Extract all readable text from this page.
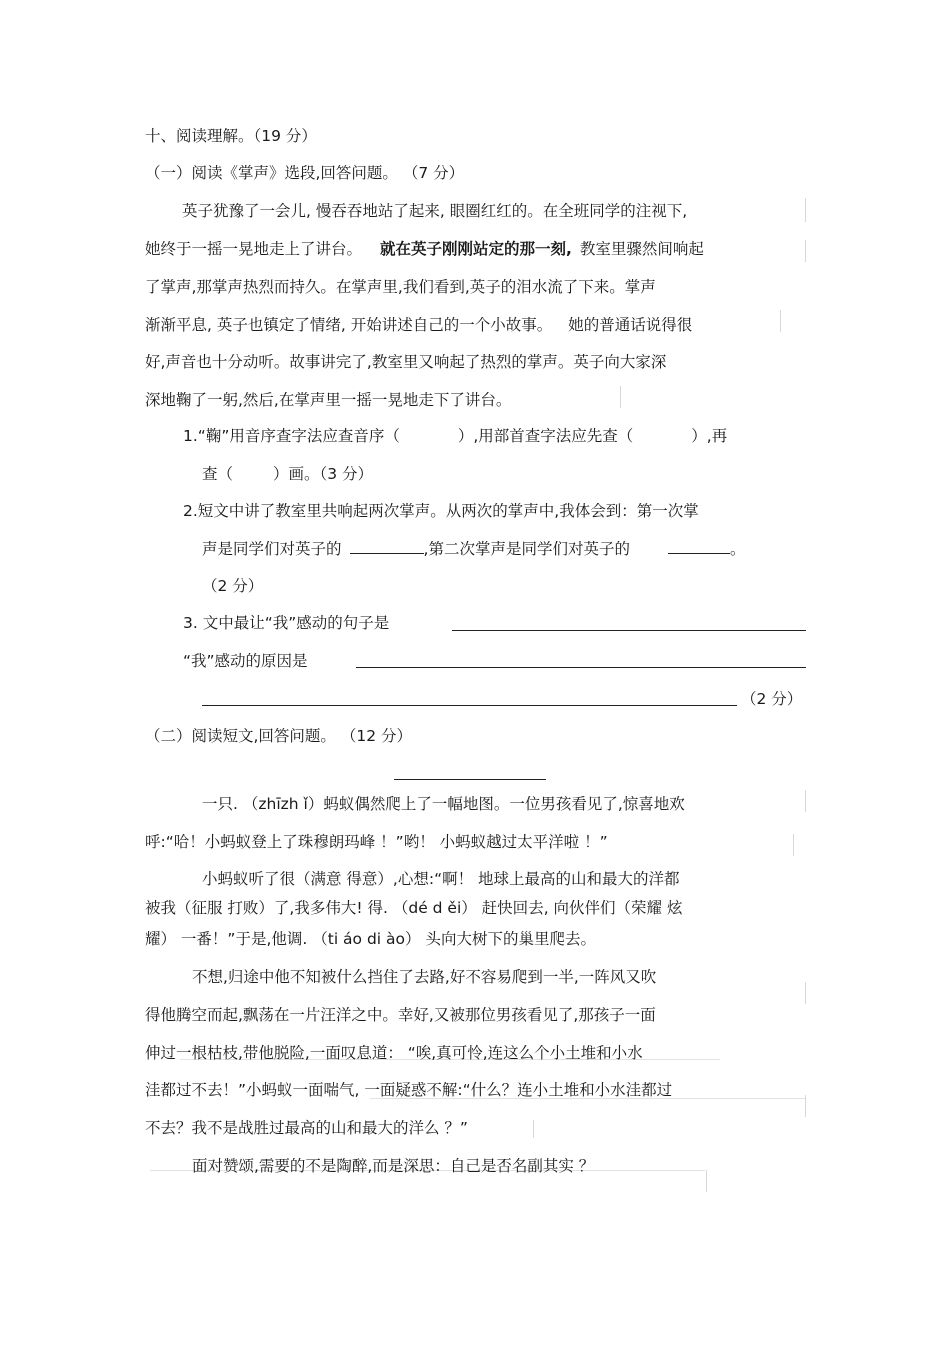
十、阅读理解。（19 分）
（一）阅读《掌声》选段,回答问题。 （7 分）
英子犹豫了一会儿, 慢吞吞地站了起来, 眼圈红红的。在全班同学的注视下,
她终于一摇一晃地走上了讲台。 就在英子刚刚站定的那一刻, 教室里骤然间响起
了掌声,那掌声热烈而持久。在掌声里,我们看到,英子的泪水流了下来。掌声
渐渐平息, 英子也镇定了情绪, 开始讲述自己的一个小故事。 她的普通话说得很
好,声音也十分动听。故事讲完了,教室里又响起了热烈的掌声。英子向大家深
深地鞠了一躬,然后,在掌声里一摇一晃地走下了讲台。
1.“鞠”用音序查字法应查音序（	）,用部首查字法应先查（	）,再
查（	）画。（3 分）
2.短文中讲了教室里共响起两次掌声。从两次的掌声中,我体会到：第一次掌
声是同学们对英子的	,第二次掌声是同学们对英子的	。
（2 分）
3. 文中最让“我”感动的句子是
“我”感动的原因是
（2 分）
（二）阅读短文,回答问题。 （12 分）
一只. （zhīzh ǐ）蚂蚁偶然爬上了一幅地图。一位男孩看见了,惊喜地欢
呼:“哈！小蚂蚁登上了珠穆朗玛峰 ！”哟！ 小蚂蚁越过太平洋啦 ！”
小蚂蚁听了很（满意 得意）,心想:“啊！ 地球上最高的山和最大的洋都
被我（征服 打败）了,我多伟大! 得. （dé d ěi） 赶快回去, 向伙伴们（荣耀 炫
耀） 一番！”于是,他调. （ti áo di ào） 头向大树下的巢里爬去。
不想,归途中他不知被什么挡住了去路,好不容易爬到一半,一阵风又吹
得他腾空而起,飘荡在一片汪洋之中。幸好,又被那位男孩看见了,那孩子一面
伸过一根枯枝,带他脱险,一面叹息道： “唉,真可怜,连这么个小土堆和小水
洼都过不去！”小蚂蚁一面喘气, 一面疑惑不解:“什么？连小土堆和小水洼都过
不去？我不是战胜过最高的山和最大的洋么 ？”
面对赞颂,需要的不是陶醉,而是深思：自己是否名副其实 ？
